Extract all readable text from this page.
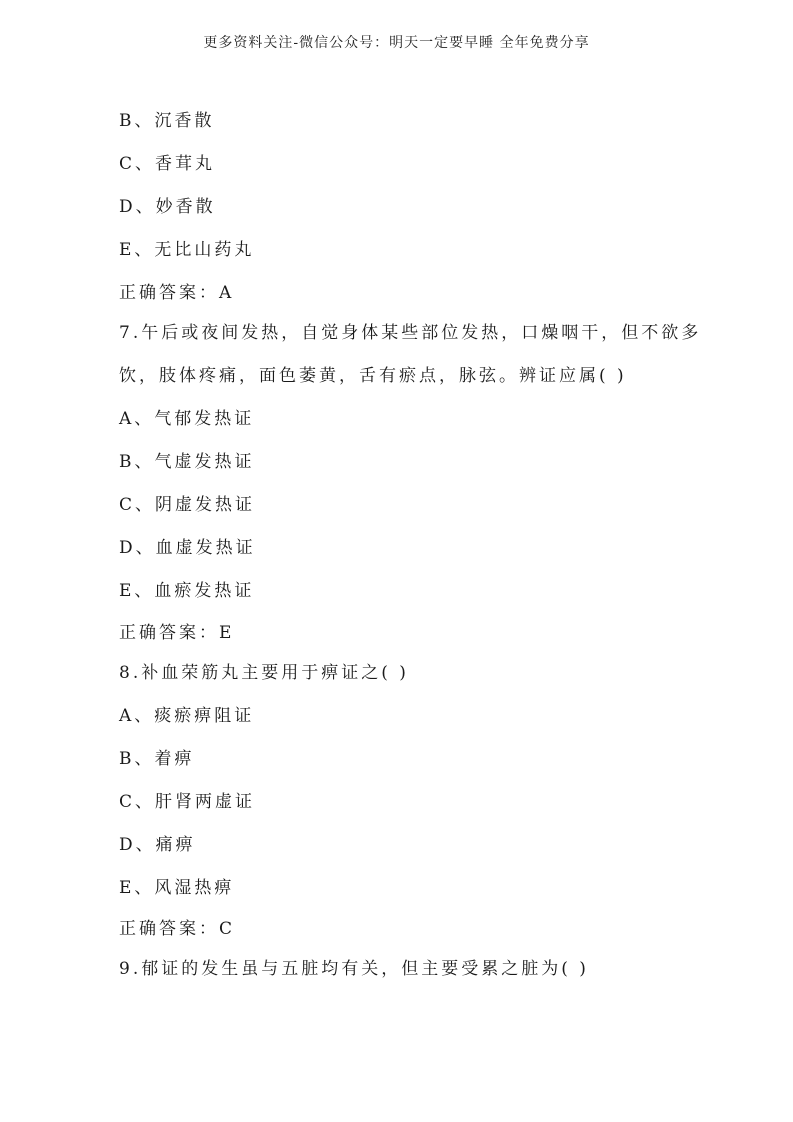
更多资料关注-微信公众号：明天一定要早睡 全年免费分享
B、沉香散
C、香茸丸
D、妙香散
E、无比山药丸
正确答案：A
7.午后或夜间发热，自觉身体某些部位发热，口燥咽干，但不欲多
饮，肢体疼痛，面色萎黄，舌有瘀点，脉弦。辨证应属( )
A、气郁发热证
B、气虚发热证
C、阴虚发热证
D、血虚发热证
E、血瘀发热证
正确答案：E
8.补血荣筋丸主要用于痹证之( )
A、痰瘀痹阻证
B、着痹
C、肝肾两虚证
D、痛痹
E、风湿热痹
正确答案：C
9.郁证的发生虽与五脏均有关，但主要受累之脏为( )
